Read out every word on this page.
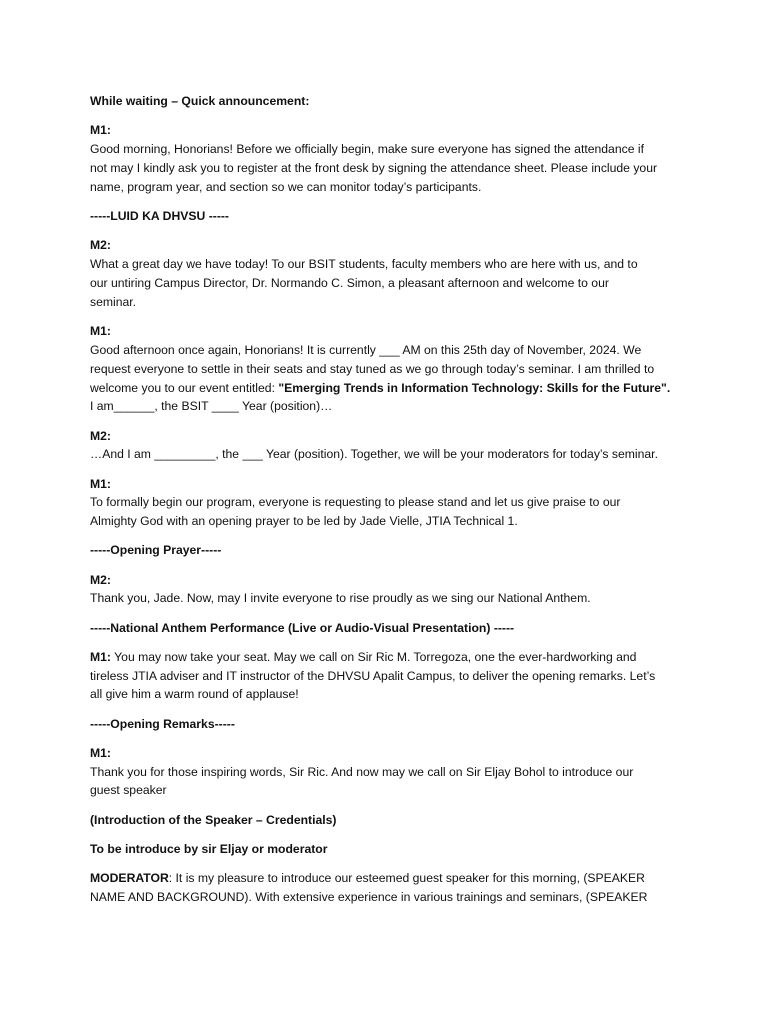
While waiting – Quick announcement:

M1:
Good morning, Honorians! Before we officially begin, make sure everyone has signed the attendance if
not may I kindly ask you to register at the front desk by signing the attendance sheet. Please include your
name, program year, and section so we can monitor today’s participants.

-----LUID KA DHVSU -----

M2:
What a great day we have today! To our BSIT students, faculty members who are here with us, and to
our untiring Campus Director, Dr. Normando C. Simon, a pleasant afternoon and welcome to our
seminar.

M1:
Good afternoon once again, Honorians! It is currently ___ AM on this 25th day of November, 2024. We
request everyone to settle in their seats and stay tuned as we go through today’s seminar. I am thrilled to
welcome you to our event entitled: "Emerging Trends in Information Technology: Skills for the Future".
I am______, the BSIT ____ Year (position)…

M2:
…And I am _________, the ___ Year (position). Together, we will be your moderators for today’s seminar.

M1:
To formally begin our program, everyone is requesting to please stand and let us give praise to our
Almighty God with an opening prayer to be led by Jade Vielle, JTIA Technical 1.

-----Opening Prayer-----

M2:
Thank you, Jade. Now, may I invite everyone to rise proudly as we sing our National Anthem.

-----National Anthem Performance (Live or Audio-Visual Presentation) -----

M1: You may now take your seat. May we call on Sir Ric M. Torregoza, one the ever-hardworking and
tireless JTIA adviser and IT instructor of the DHVSU Apalit Campus, to deliver the opening remarks. Let’s
all give him a warm round of applause!

-----Opening Remarks-----

M1:
Thank you for those inspiring words, Sir Ric. And now may we call on Sir Eljay Bohol to introduce our
guest speaker

(Introduction of the Speaker – Credentials)

To be introduce by sir Eljay or moderator

MODERATOR: It is my pleasure to introduce our esteemed guest speaker for this morning, (SPEAKER
NAME AND BACKGROUND). With extensive experience in various trainings and seminars, (SPEAKER
